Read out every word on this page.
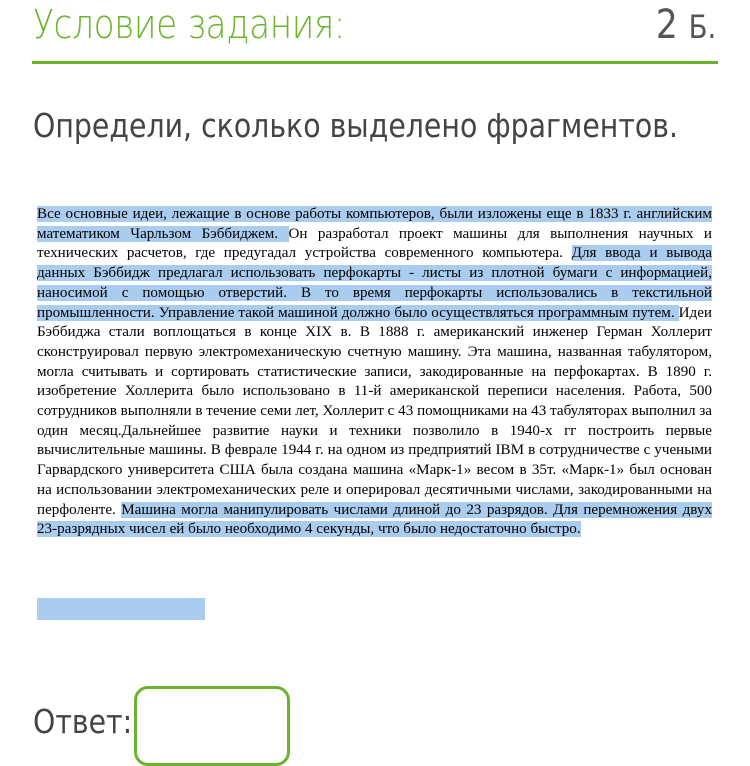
Условие задания:	2 Б.
Определи, сколько выделено фрагментов.
Все основные идеи, лежащие в основе работы компьютеров, были изложены еще в 1833 г. английским математиком Чарльзом Бэббиджем. Он разработал проект машины для выполнения научных и технических расчетов, где предугадал устройства современного компьютера. Для ввода и вывода данных Бэббидж предлагал использовать перфокарты - листы из плотной бумаги с информацией, наносимой с помощью отверстий. В то время перфокарты использовались в текстильной промышленности. Управление такой машиной должно было осуществляться программным путем. Идеи Бэббиджа стали воплощаться в конце XIX в. В 1888 г. американский инженер Герман Холлерит сконструировал первую электромеханическую счетную машину. Эта машина, названная табулятором, могла считывать и сортировать статистические записи, закодированные на перфокартах. В 1890 г. изобретение Холлерита было использовано в 11-й американской переписи населения. Работа, 500 сотрудников выполняли в течение семи лет, Холлерит с 43 помощниками на 43 табуляторах выполнил за один месяц.Дальнейшее развитие науки и техники позволило в 1940-х гг построить первые вычислительные машины. В феврале 1944 г. на одном из предприятий IBM в сотрудничестве с учеными Гарвардского университета США была создана машина «Марк-1» весом в 35т. «Марк-1» был основан на использовании электромеханических реле и оперировал десятичными числами, закодированными на перфоленте. Машина могла манипулировать числами длиной до 23 разрядов. Для перемножения двух 23-разрядных чисел ей было необходимо 4 секунды, что было недостаточно быстро.
Ответ:
